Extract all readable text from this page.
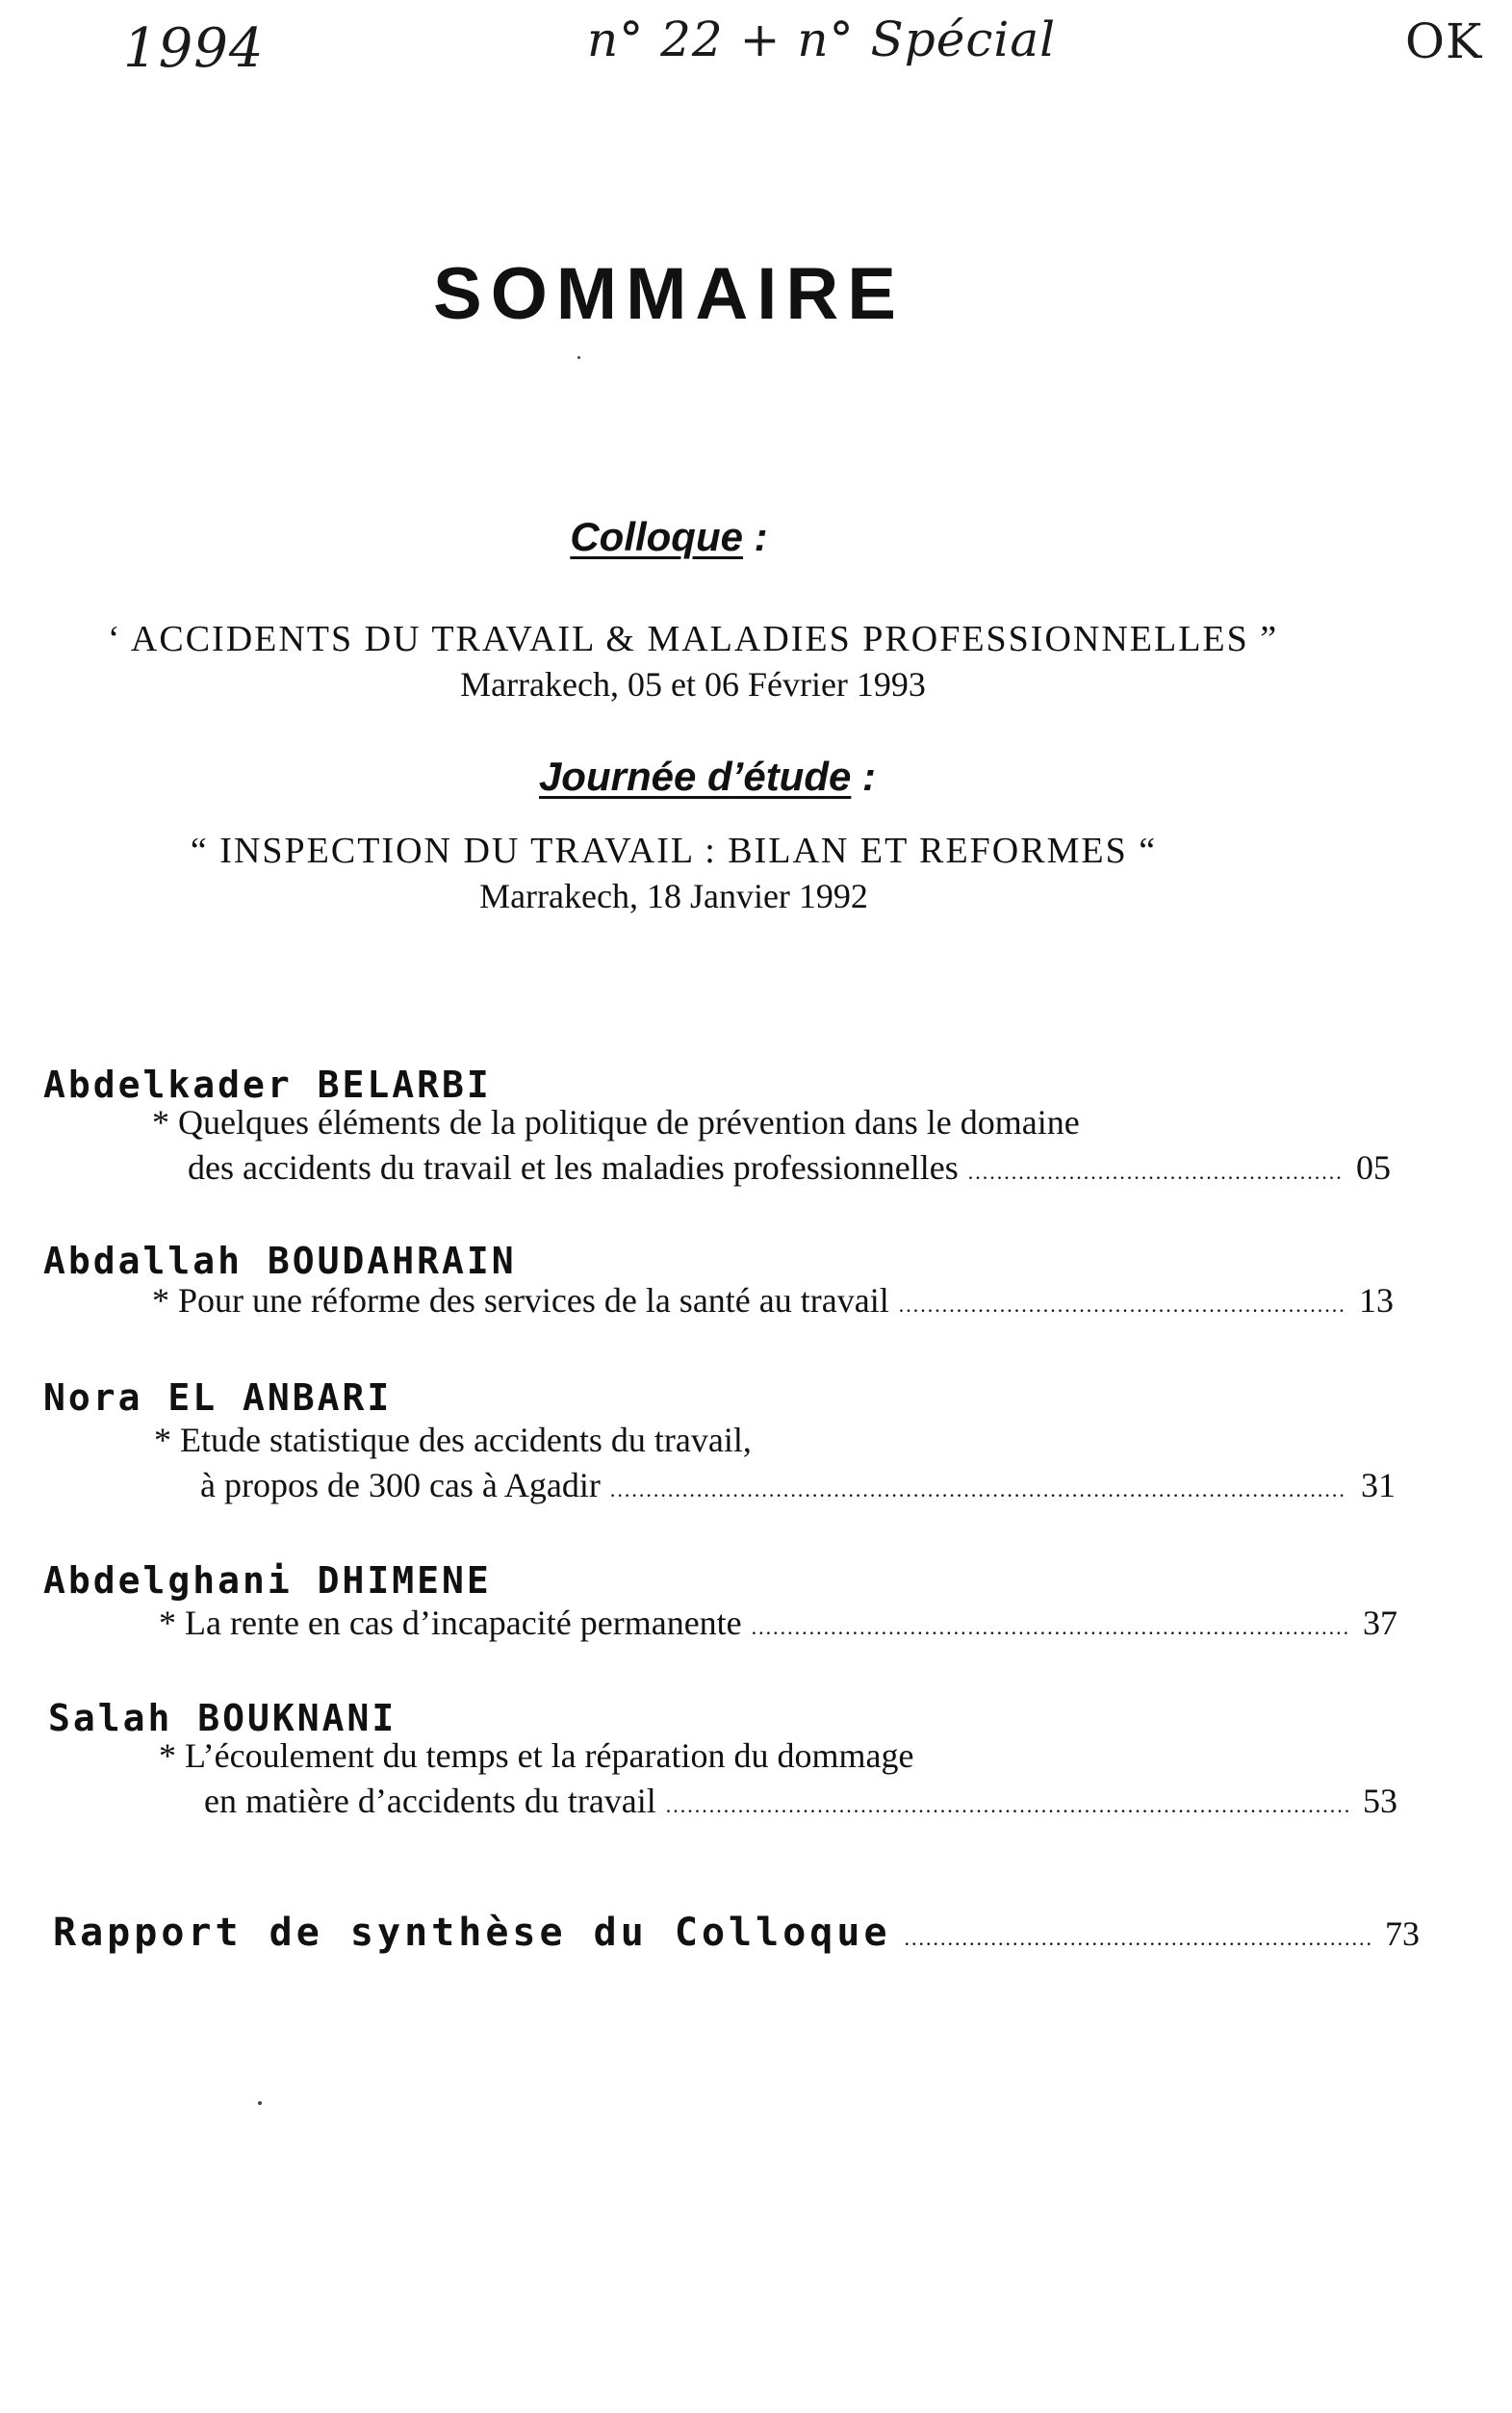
1994	n° 22 + n° Spécial	OK
SOMMAIRE
Colloque :
‘ ACCIDENTS DU TRAVAIL & MALADIES PROFESSIONNELLES ”
Marrakech, 05 et 06 Février 1993
Journée d’étude :
“ INSPECTION DU TRAVAIL : BILAN ET REFORMES “
Marrakech, 18 Janvier 1992
Abdelkader BELARBI
* Quelques éléments de la politique de prévention dans le domaine
des accidents du travail et les maladies professionnelles .....	05
Abdallah BOUDAHRAIN
* Pour une réforme des services de la santé au travail .....	13
Nora EL ANBARI
* Etude statistique des accidents du travail,
à propos de 300 cas à Agadir .....	31
Abdelghani DHIMENE
* La rente en cas d’incapacité permanente .....	37
Salah BOUKNANI
* L’écoulement du temps et la réparation du dommage
en matière d’accidents du travail .....	53
Rapport de synthèse du Colloque .....	73
